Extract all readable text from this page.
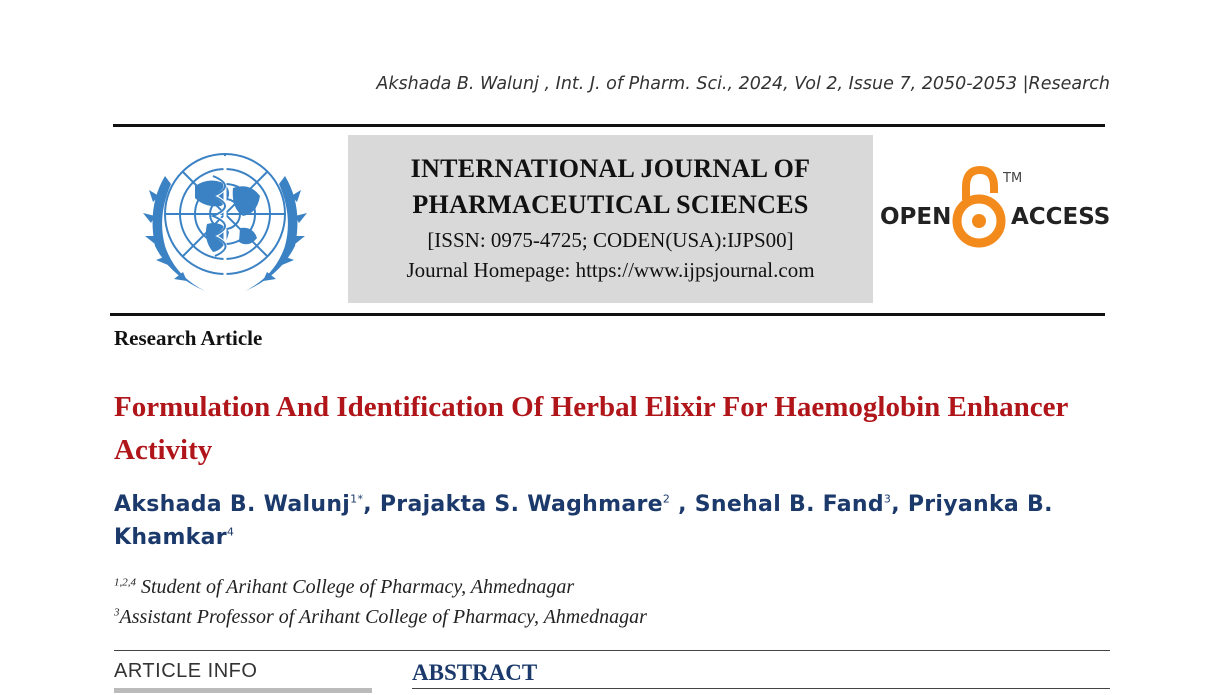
Akshada B. Walunj , Int. J. of Pharm. Sci., 2024, Vol 2, Issue 7, 2050-2053 |Research
INTERNATIONAL JOURNAL OF
PHARMACEUTICAL SCIENCES
[ISSN: 0975-4725; CODEN(USA):IJPS00]
Journal Homepage: https://www.ijpsjournal.com
OPEN
TM
ACCESS
Research Article
Formulation And Identification Of Herbal Elixir For Haemoglobin Enhancer Activity
Akshada B. Walunj$^{1*}$, Prajakta S. Waghmare$^2$ , Snehal B. Fand$^3$, Priyanka B. Khamkar$^4$
$^{1,2,4}$ Student of Arihant College of Pharmacy, Ahmednagar
$^3$Assistant Professor of Arihant College of Pharmacy, Ahmednagar
ARTICLE INFO	ABSTRACT
